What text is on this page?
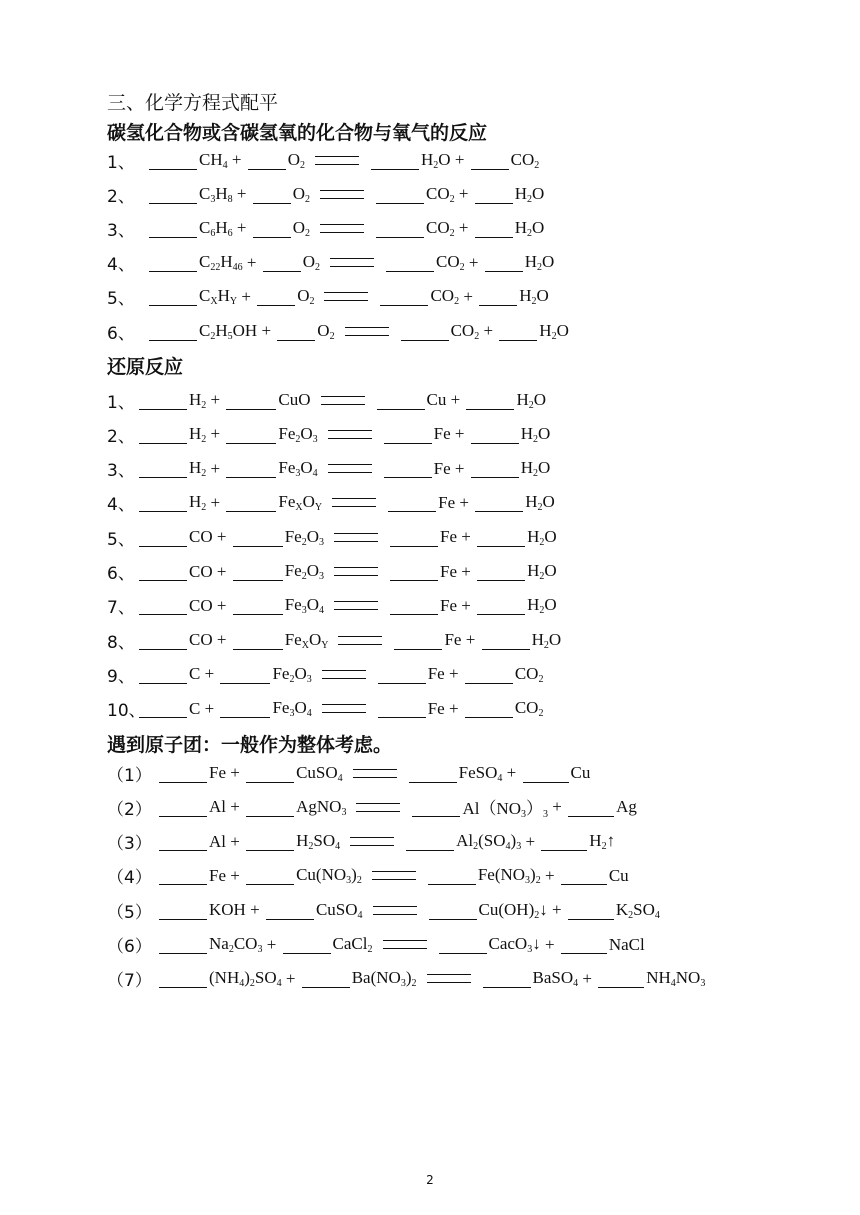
三、化学方程式配平
碳氢化合物或含碳氢氧的化合物与氧气的反应
1、	$CH_4 + O_2$	$H_2O + CO_2$
2、	$C_3H_8 + O_2$	$CO_2 + H_2O$
3、	$C_6H_6 + O_2$	$CO_2 + H_2O$
4、	$C_{22}H_{46} + O_2$	$CO_2 + H_2O$
5、	$C_XH_Y + O_2$	$CO_2 + H_2O$
6、	$C_2H_5OH + O_2$	$CO_2 + H_2O$
还原反应
1、	$H_2$ +	CuO	Cu +	$H_2O$
2、	$H_2$ +	$Fe_2O_3$	Fe +	$H_2O$
3、	$H_2$ +	$Fe_3O_4$	Fe +	$H_2O$
4、	$H_2$ +	$Fe_XO_Y$	Fe +	$H_2O$
5、	CO +	$Fe_2O_3$	Fe +	$H_2O$
6、	CO +	$Fe_2O_3$	Fe +	$H_2O$
7、	CO +	$Fe_3O_4$	Fe +	$H_2O$
8、	CO +	$Fe_XO_Y$	Fe +	$H_2O$
9、	C +	$Fe_2O_3$	Fe +	$CO_2$
10、	C +	$Fe_3O_4$	Fe +	$CO_2$
遇到原子团：一般作为整体考虑。
（1）	Fe +	CuSO$_4$	FeSO$_4$ +	Cu
（2）	Al +	AgNO$_3$	$Al(NO_3)_3$ +	Ag
（3）	Al +	$H_2SO_4$	$Al_2(SO_4)_3$ +	$H_2↑$
（4）	Fe +	$Cu(NO_3)_2$	$Fe(NO_3)_2$ +	Cu
（5）	KOH +	CuSO$_4$	$Cu(OH)_2↓$ +	$K_2SO_4$
（6）	$Na_2CO_3$ +	CaCl$_2$	CacO$_3$↓ +	NaCl
（7）	$(NH_4)_2SO_4$ +	$Ba(NO_3)_2$	BaSO$_4$ +	$NH_4NO_3$
2
